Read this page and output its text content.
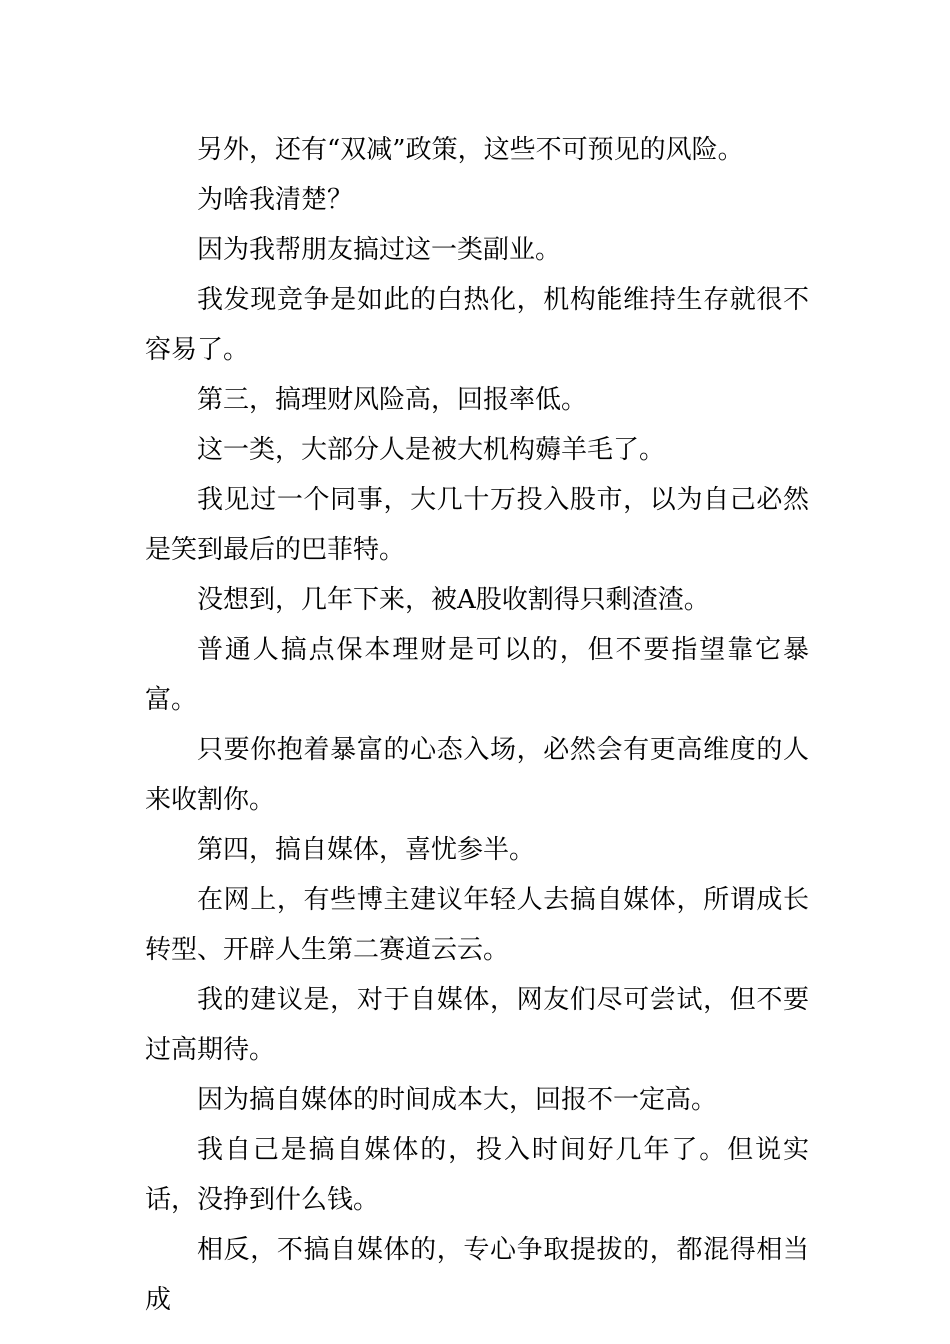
另外，还有“双减”政策，这些不可预见的风险。

为啥我清楚？

因为我帮朋友搞过这一类副业。

我发现竞争是如此的白热化，机构能维持生存就很不容易了。

第三，搞理财风险高，回报率低。

这一类，大部分人是被大机构薅羊毛了。

我见过一个同事，大几十万投入股市，以为自己必然是笑到最后的巴菲特。

没想到，几年下来，被A股收割得只剩渣渣。

普通人搞点保本理财是可以的，但不要指望靠它暴富。

只要你抱着暴富的心态入场，必然会有更高维度的人来收割你。

第四，搞自媒体，喜忧参半。

在网上，有些博主建议年轻人去搞自媒体，所谓成长转型、开辟人生第二赛道云云。

我的建议是，对于自媒体，网友们尽可尝试，但不要过高期待。

因为搞自媒体的时间成本大，回报不一定高。

我自己是搞自媒体的，投入时间好几年了。但说实话，没挣到什么钱。

相反，不搞自媒体的，专心争取提拔的，都混得相当成
